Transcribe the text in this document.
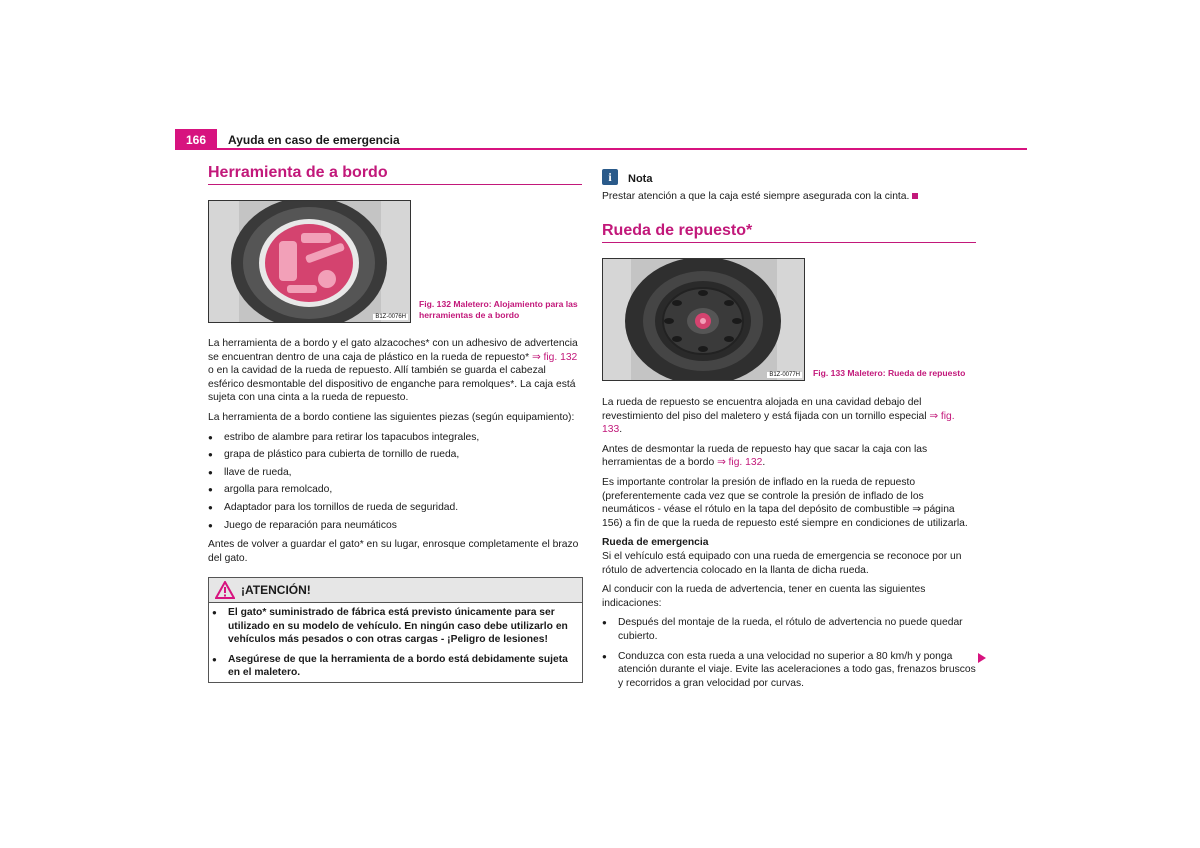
166	Ayuda en caso de emergencia
Herramienta de a bordo
B1Z-0076H
Fig. 132 Maletero: Alojamiento para las herramientas de a bordo

La herramienta de a bordo y el gato alzacoches* con un adhesivo de advertencia se encuentran dentro de una caja de plástico en la rueda de repuesto* ⇒ fig. 132 o en la cavidad de la rueda de repuesto. Allí también se guarda el cabezal esférico desmontable del dispositivo de enganche para remolques*. La caja está sujeta con una cinta a la rueda de repuesto.

La herramienta de a bordo contiene las siguientes piezas (según equipamiento):

● estribo de alambre para retirar los tapacubos integrales,
● grapa de plástico para cubierta de tornillo de rueda,
● llave de rueda,
● argolla para remolcado,
● Adaptador para los tornillos de rueda de seguridad.
● Juego de reparación para neumáticos

Antes de volver a guardar el gato* en su lugar, enrosque completamente el brazo del gato.

¡ATENCIÓN!

● El gato* suministrado de fábrica está previsto únicamente para ser utilizado en su modelo de vehículo. En ningún caso debe utilizarlo en vehículos más pesados o con otras cargas - ¡Peligro de lesiones!

● Asegúrese de que la herramienta de a bordo está debidamente sujeta en el maletero.

i	Nota
Prestar atención a que la caja esté siempre asegurada con la cinta.
Rueda de repuesto*
B1Z-0077H Fig. 133 Maletero: Rueda de repuesto

La rueda de repuesto se encuentra alojada en una cavidad debajo del revestimiento del piso del maletero y está fijada con un tornillo especial ⇒ fig. 133.

Antes de desmontar la rueda de repuesto hay que sacar la caja con las herramientas de a bordo ⇒ fig. 132.

Es importante controlar la presión de inflado en la rueda de repuesto (preferentemente cada vez que se controle la presión de inflado de los neumáticos - véase el rótulo en la tapa del depósito de combustible ⇒ página 156) a fin de que la rueda de repuesto esté siempre en condiciones de utilizarla.

Rueda de emergencia

Si el vehículo está equipado con una rueda de emergencia se reconoce por un rótulo de advertencia colocado en la llanta de dicha rueda.

Al conducir con la rueda de advertencia, tener en cuenta las siguientes indicaciones:

● Después del montaje de la rueda, el rótulo de advertencia no puede quedar cubierto.
● Conduzca con esta rueda a una velocidad no superior a 80 km/h y ponga atención durante el viaje. Evite las aceleraciones a todo gas, frenazos bruscos y recorridos a gran velocidad por curvas.
